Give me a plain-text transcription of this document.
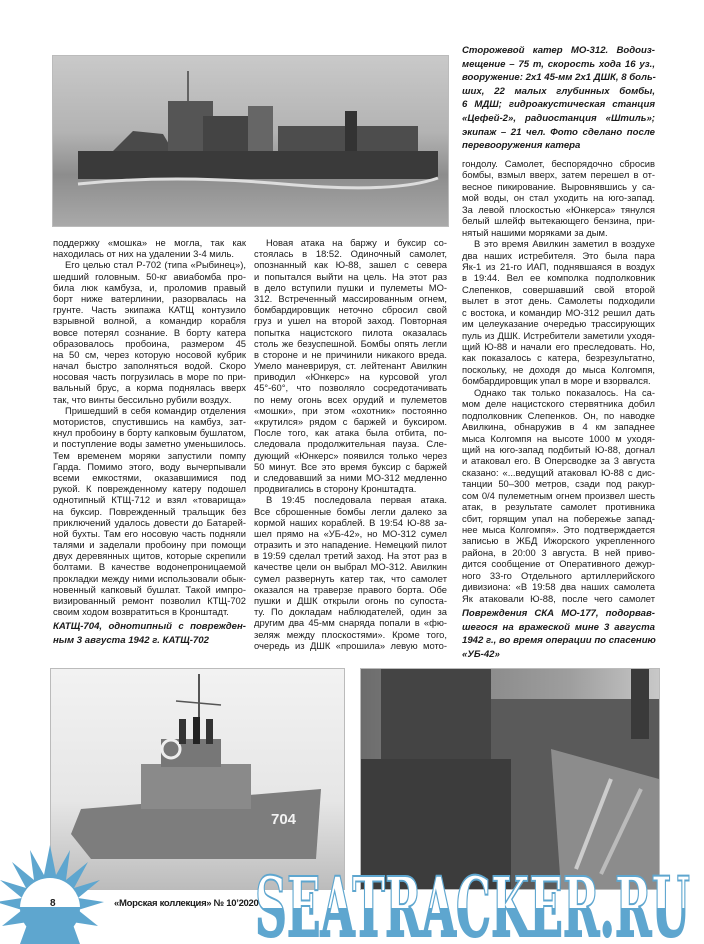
Сторожевой катер МО-312. Водоиз-
мещение – 75 т, скорость хода 16 уз.,
вооружение: 2х1 45-мм 2х1 ДШК, 8 боль-
ших, 22 малых глубинных бомбы,
6 МДШ; гидроакустическая станция
«Цефей-2», радиостанция «Штиль»;
экипаж – 21 чел. Фото сделано после
перевооружения катера
поддержку «мошка» не могла, так как
находилась от них на удалении 3-4 миль.
Его целью стал Р-702 (типа «Рыбинец»),
шедший головным. 50-кг авиабомба про-
била люк камбуза, и, проломив правый
борт ниже ватерлинии, разорвалась на
грунте. Часть экипажа КАТЩ контузило
взрывной волной, а командир корабля
вовсе потерял сознание. В борту катера
образовалось пробоина, размером 45
на 50 см, через которую носовой кубрик
начал быстро заполняться водой. Скоро
носовая часть погрузилась в море по при-
вальный брус, а корма поднялась вверх
так, что винты бессильно рубили воздух.
Пришедший в себя командир отделения
мотористов, спустившись на камбуз, зат-
кнул пробоину в борту капковым бушлатом,
и поступление воды заметно уменьшилось.
Тем временем моряки запустили помпу
Гарда. Помимо этого, воду вычерпывали
всеми емкостями, оказавшимися под
рукой. К поврежденному катеру подошел
однотипный КТЩ-712 и взял «товарища»
на буксир. Поврежденный тральщик без
приключений удалось довести до Батарей-
ной бухты. Там его носовую часть подняли
талями и заделали пробоину при помощи
двух деревянных щитов, которые скрепили
болтами. В качестве водонепроницаемой
прокладки между ними использовали обык-
новенный капковый бушлат. Такой импро-
визированный ремонт позволил КТЩ-702
своим ходом возвратиться в Кронштадт.
КАТЩ-704, однотипный с поврежден-
ным 3 августа 1942 г. КАТЩ-702
Новая атака на баржу и буксир со-
стоялась в 18:52. Одиночный самолет,
опознанный как Ю-88, зашел с севера
и попытался выйти на цель. На этот раз
в дело вступили пушки и пулеметы МО-
312. Встреченный массированным огнем,
бомбардировщик неточно сбросил свой
груз и ушел на второй заход. Повторная
попытка нацистского пилота оказалась
столь же безуспешной. Бомбы опять легли
в стороне и не причинили никакого вреда.
Умело маневрируя, ст. лейтенант Авилкин
приводил «Юнкерс» на курсовой угол
45°-60°, что позволяло сосредотачивать
по нему огонь всех орудий и пулеметов
«мошки», при этом «охотник» постоянно
«крутился» рядом с баржей и буксиром.
После того, как атака была отбита, по-
следовала продолжительная пауза. Сле-
дующий «Юнкерс» появился только через
50 минут. Все это время буксир с баржей
и следовавший за ними МО-312 медленно
продвигались в сторону Кронштадта.
В 19:45 последовала первая атака.
Все сброшенные бомбы легли далеко за
кормой наших кораблей. В 19:54 Ю-88 за-
шел прямо на «УБ-42», но МО-312 сумел
отразить и это нападение. Немецкий пилот
в 19:59 сделал третий заход. На этот раз в
качестве цели он выбрал МО-312. Авилкин
сумел развернуть катер так, что самолет
оказался на траверзе правого борта. Обе
пушки и ДШК открыли огонь по супоста-
ту. По докладам наблюдателей, один за
другим два 45-мм снаряда попали в «фю-
зеляж между плоскостями». Кроме того,
очередь из ДШК «прошила» левую мото-
гондолу. Самолет, беспорядочно сбросив
бомбы, взмыл вверх, затем перешел в от-
весное пикирование. Выровнявшись у са-
мой воды, он стал уходить на юго-запад.
За левой плоскостью «Юнкерса» тянулся
белый шлейф вытекающего бензина, при-
нятый нашими моряками за дым.
В это время Авилкин заметил в воздухе
два наших истребителя. Это была пара
Як-1 из 21-го ИАП, поднявшаяся в воздух
в 19:44. Вел ее комполка подполковник
Слепенков, совершавший свой второй
вылет в этот день. Самолеты подходили
с востока, и командир МО-312 решил дать
им целеуказание очередью трассирующих
пуль из ДШК. Истребители заметили уходя-
щий Ю-88 и начали его преследовать. Но,
как показалось с катера, безрезультатно,
поскольку, не доходя до мыса Колгомпя,
бомбардировщик упал в море и взорвался.
Однако так только показалось. На са-
мом деле нацистского стервятника добил
подполковник Слепенков. Он, по наводке
Авилкина, обнаружив в 4 км западнее
мыса Колгомпя на высоте 1000 м уходя-
щий на юго-запад подбитый Ю-88, догнал
и атаковал его. В Оперсводке за 3 августа
сказано: «...ведущий атаковал Ю-88 с дис-
танции 50–300 метров, сзади под ракур-
сом 0/4 пулеметным огнем произвел шесть
атак, в результате самолет противника
сбит, горящим упал на побережье запад-
нее мыса Колгомпя». Это подтверждается
записью в ЖБД Ижорского укрепленного
района, в 20:00 3 августа. В ней приво-
дится сообщение от Оперативного дежур-
ного 33-го Отдельного артиллерийского
дивизиона: «В 19:58 два наших самолета
Як атаковали Ю-88, после чего самолет
Повреждения СКА МО-177, подорвав-
шегося на вражеской мине 3 августа
1942 г., во время операции по спасению
«УБ-42»
704
SEATRACKER.RU
8	«Морская коллекция» № 10’2020
